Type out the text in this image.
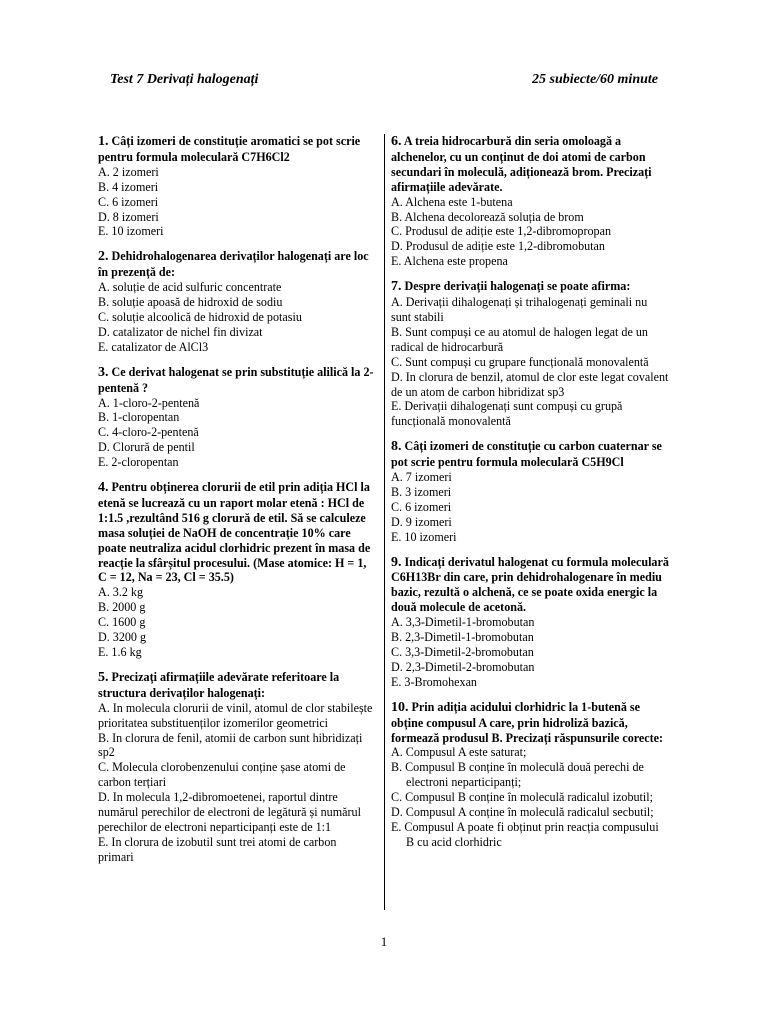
Test 7 Derivați halogenați	25 subiecte/60 minute

1. Câți izomeri de constituție aromatici se pot scrie pentru formula moleculară C7H6Cl2

A. 2 izomeri

B. 4 izomeri

C. 6 izomeri

D. 8 izomeri

E. 10 izomeri

2. Dehidrohalogenarea derivaților halogenați are loc în prezență de:

A. soluție de acid sulfuric concentrate

B. soluție apoasă de hidroxid de sodiu

C. soluție alcoolică de hidroxid de potasiu

D. catalizator de nichel fin divizat

E. catalizator de AlCl3

3. Ce derivat halogenat se prin substituție alilică la 2- pentenă ?

A. 1-cloro-2-pentenă

B. 1-cloropentan

C. 4-cloro-2-pentenă

D. Clorură de pentil

E. 2-cloropentan

4. Pentru obținerea clorurii de etil prin adiția HCl la etenă se lucrează cu un raport molar etenă : HCl de 1:1.5 ,rezultând 516 g clorură de etil. Să se calculeze masa soluției de NaOH de concentrație 10% care poate neutraliza acidul clorhidric prezent în masa de reacție la sfârșitul procesului. (Mase atomice: H = 1, C = 12, Na = 23, Cl = 35.5)

A. 3.2 kg

B. 2000 g

C. 1600 g

D. 3200 g

E. 1.6 kg

5. Precizați afirmațiile adevărate referitoare la structura derivaților halogenați:

A. In molecula clorurii de vinil, atomul de clor stabilește prioritatea substituenților izomerilor geometrici

B. In clorura de fenil, atomii de carbon sunt hibridizați sp2

C. Molecula clorobenzenului conține șase atomi de carbon terțiari

D. In molecula 1,2-dibromoetenei, raportul dintre numărul perechilor de electroni de legătură și numărul perechilor de electroni neparticipanți este de 1:1

E. In clorura de izobutil sunt trei atomi de carbon primari

6. A treia hidrocarbură din seria omoloagă a alchenelor, cu un conținut de doi atomi de carbon secundari în moleculă, adiționează brom. Precizați afirmațiile adevărate.

A. Alchena este 1-butena

B. Alchena decolorează soluția de brom

C. Produsul de adiție este 1,2-dibromopropan

D. Produsul de adiție este 1,2-dibromobutan

E. Alchena este propena

7. Despre derivații halogenați se poate afirma:

A. Derivații dihalogenați și trihalogenați geminali nu sunt stabili

B. Sunt compuși ce au atomul de halogen legat de un radical de hidrocarbură

C. Sunt compuși cu grupare funcțională monovalentă

D. In clorura de benzil, atomul de clor este legat covalent de un atom de carbon hibridizat sp3

E. Derivații dihalogenați sunt compuși cu grupă funcțională monovalentă

8. Câți izomeri de constituție cu carbon cuaternar se pot scrie pentru formula moleculară C5H9Cl

A. 7 izomeri

B. 3 izomeri

C. 6 izomeri

D. 9 izomeri

E. 10 izomeri

9. Indicați derivatul halogenat cu formula moleculară C6H13Br din care, prin dehidrohalogenare în mediu bazic, rezultă o alchenă, ce se poate oxida energic la două molecule de acetonă.

A. 3,3-Dimetil-1-bromobutan

B. 2,3-Dimetil-1-bromobutan

C. 3,3-Dimetil-2-bromobutan

D. 2,3-Dimetil-2-bromobutan

E. 3-Bromohexan

10. Prin adiția acidului clorhidric la 1-butenă se obține compusul A care, prin hidroliză bazică, formează produsul B. Precizați răspunsurile corecte:

A. Compusul A este saturat;

B. Compusul B conține în moleculă două perechi de electroni neparticipanți;

C. Compusul B conține în moleculă radicalul izobutil;

D. Compusul A conține în moleculă radicalul secbutil;

E. Compusul A poate fi obținut prin reacția compusului B cu acid clorhidric

1
